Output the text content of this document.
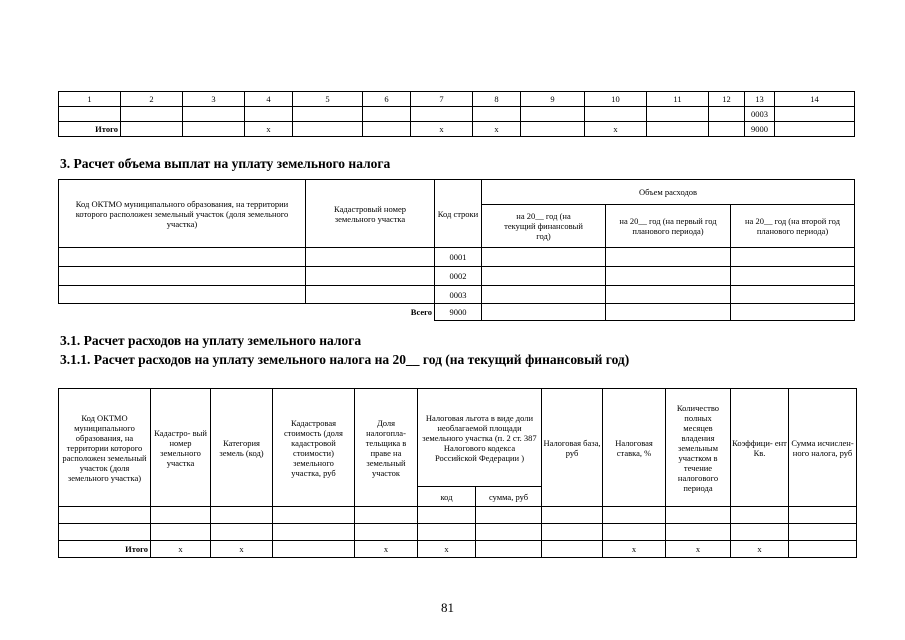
1	2	3	4	5	6	7	8	9	10	11	12	13	14
												0003	
Итого			x			x	x		x			9000	
3. Расчет объема выплат на уплату земельного налога
Код ОКТМО муниципального образования, на территории которого расположен земельный участок (доля земельного участка)	Кадастровый номер земельного участка	Код строки	Объем расходов		
			на 20__ год (на текущий финансовый год)	на 20__ год (на первый год планового периода)	на 20__ год (на второй год планового периода)
		0001			
		0002			
		0003			
Всего		9000			
3.1. Расчет расходов на уплату земельного налога
3.1.1. Расчет расходов на уплату земельного налога на 20__ год (на текущий финансовый год)
Код ОКТМО муниципального образования, на территории которого расположен земельный участок (доля земельного участка)	Кадастро- вый номер земельного участка	Категория земель (код)	Кадастровая стоимость (доля кадастровой стоимости) земельного участка, руб	Доля налогопла- тельщика в праве на земельный участок	Налоговая льгота в виде доли необлагаемой площади земельного участка (п. 2 ст. 387 Налогового кодекса Российской Федерации )		Налоговая база, руб	Налоговая ставка, %	Количество полных месяцев владения земельным участком в течение налогового периода	Коэффици- ент Кв.	Сумма исчислен- ного налога, руб
					код	сумма, руб					

Итого	x	x		x	x			x	x	x	
81
